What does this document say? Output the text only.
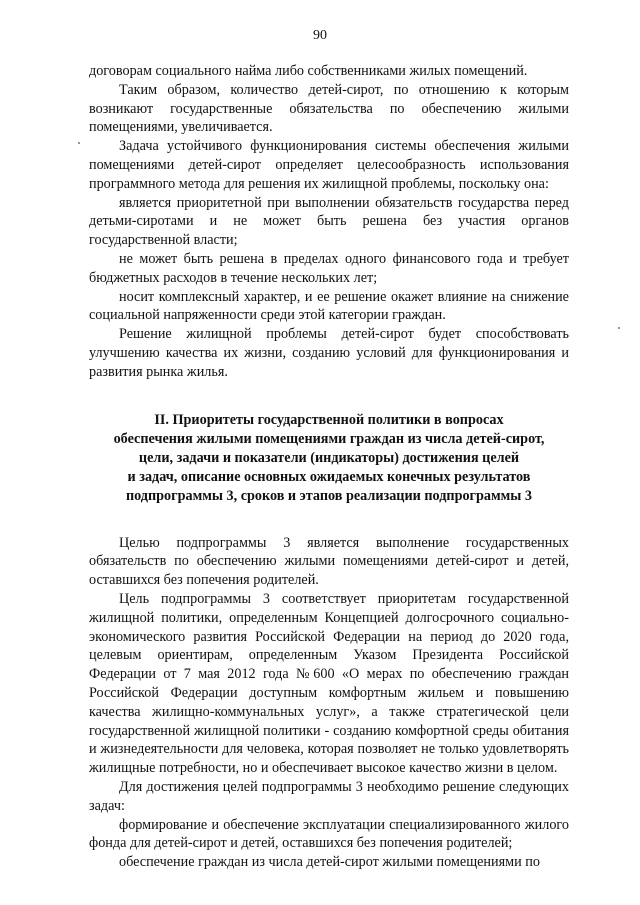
90

договорам социального найма либо собственниками жилых помещений.

Таким образом, количество детей-сирот, по отношению к которым возникают государственные обязательства по обеспечению жилыми помещениями, увеличивается.

Задача устойчивого функционирования системы обеспечения жилыми помещениями детей-сирот определяет целесообразность использования программного метода для решения их жилищной проблемы, поскольку она:

является приоритетной при выполнении обязательств государства перед детьми-сиротами и не может быть решена без участия органов государственной власти;

не может быть решена в пределах одного финансового года и требует бюджетных расходов в течение нескольких лет;

носит комплексный характер, и ее решение окажет влияние на снижение социальной напряженности среди этой категории граждан.

Решение жилищной проблемы детей-сирот будет способствовать улучшению качества их жизни, созданию условий для функционирования и развития рынка жилья.

II. Приоритеты государственной политики в вопросах
обеспечения жилыми помещениями граждан из числа детей-сирот,
цели, задачи и показатели (индикаторы) достижения целей
и задач, описание основных ожидаемых конечных результатов
подпрограммы 3, сроков и этапов реализации подпрограммы 3

Целью подпрограммы 3 является выполнение государственных обязательств по обеспечению жилыми помещениями детей-сирот и детей, оставшихся без попечения родителей.

Цель подпрограммы 3 соответствует приоритетам государственной жилищной политики, определенным Концепцией долгосрочного социально-экономического развития Российской Федерации на период до 2020 года, целевым ориентирам, определенным Указом Президента Российской Федерации от 7 мая 2012 года №600 «О мерах по обеспечению граждан Российской Федерации доступным комфортным жильем и повышению качества жилищно-коммунальных услуг», а также стратегической цели государственной жилищной политики - созданию комфортной среды обитания и жизнедеятельности для человека, которая позволяет не только удовлетворять жилищные потребности, но и обеспечивает высокое качество жизни в целом.

Для достижения целей подпрограммы 3 необходимо решение следующих задач:

формирование и обеспечение эксплуатации специализированного жилого фонда для детей-сирот и детей, оставшихся без попечения родителей;

обеспечение граждан из числа детей-сирот жилыми помещениями по
